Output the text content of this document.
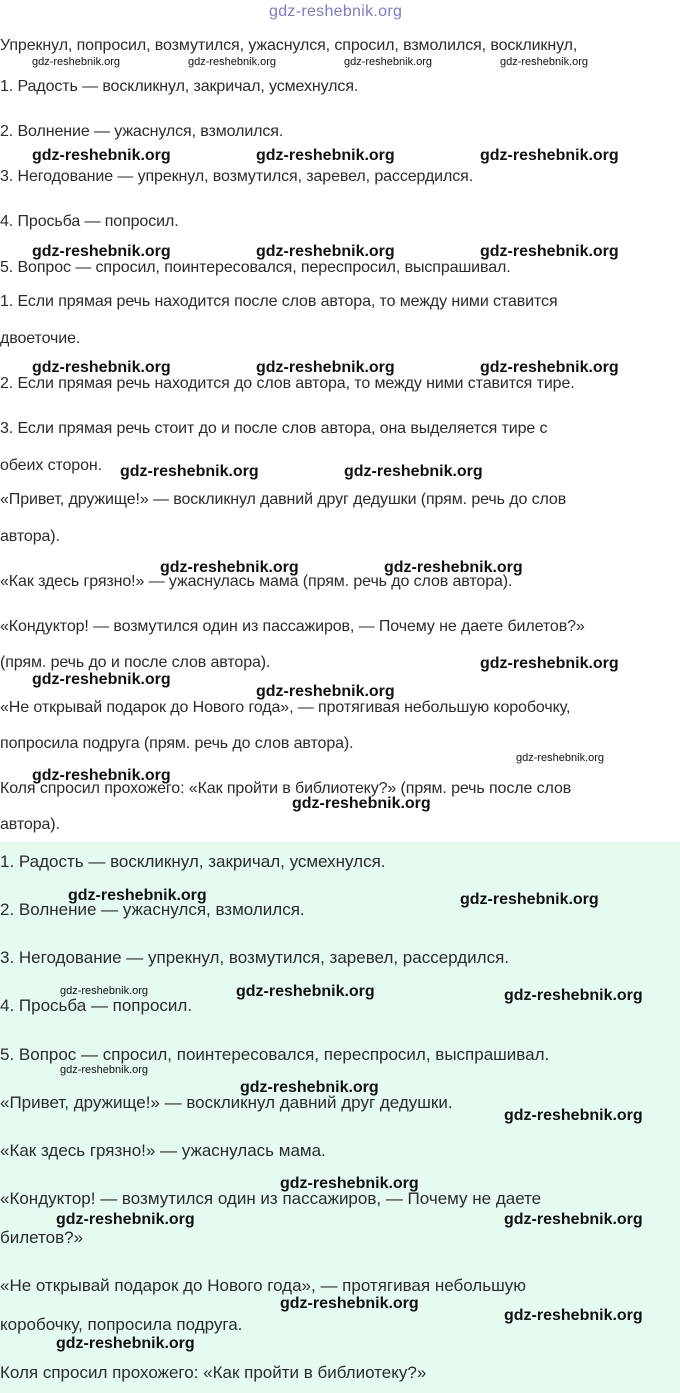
gdz-reshebnik.org
Упрекнул, попросил, возмутился, ужаснулся, спросил, взмолился, воскликнул,
1. Радость — воскликнул, закричал, усмехнулся.
2. Волнение — ужаснулся, взмолился.
3. Негодование — упрекнул, возмутился, заревел, рассердился.
4. Просьба — попросил.
5. Вопрос — спросил, поинтересовался, переспросил, выспрашивал.
1. Если прямая речь находится после слов автора, то между ними ставится
двоеточие.
2. Если прямая речь находится до слов автора, то между ними ставится тире.
3. Если прямая речь стоит до и после слов автора, она выделяется тире с
обеих сторон.
«Привет, дружище!» — воскликнул давний друг дедушки (прям. речь до слов
автора).
«Как здесь грязно!» — ужаснулась мама (прям. речь до слов автора).
«Кондуктор! — возмутился один из пассажиров, — Почему не даете билетов?»
(прям. речь до и после слов автора).
«Не открывай подарок до Нового года», — протягивая небольшую коробочку,
попросила подруга (прям. речь до слов автора).
Коля спросил прохожего: «Как пройти в библиотеку?» (прям. речь после слов
автора).
1. Радость — воскликнул, закричал, усмехнулся.
2. Волнение — ужаснулся, взмолился.
3. Негодование — упрекнул, возмутился, заревел, рассердился.
4. Просьба — попросил.
5. Вопрос — спросил, поинтересовался, переспросил, выспрашивал.
«Привет, дружище!» — воскликнул давний друг дедушки.
«Как здесь грязно!» — ужаснулась мама.
«Кондуктор! — возмутился один из пассажиров, — Почему не даете
билетов?»
«Не открывай подарок до Нового года», — протягивая небольшую
коробочку, попросила подруга.
Коля спросил прохожего: «Как пройти в библиотеку?»
gdz-reshebnik.org	gdz-reshebnik.org	gdz-reshebnik.org	gdz-reshebnik.org
gdz-reshebnik.org	gdz-reshebnik.org	gdz-reshebnik.org
gdz-reshebnik.org	gdz-reshebnik.org	gdz-reshebnik.org
gdz-reshebnik.org	gdz-reshebnik.org	gdz-reshebnik.org
gdz-reshebnik.org	gdz-reshebnik.org
gdz-reshebnik.org	gdz-reshebnik.org
gdz-reshebnik.org
gdz-reshebnik.org
gdz-reshebnik.org
gdz-reshebnik.org
gdz-reshebnik.org
gdz-reshebnik.org
gdz-reshebnik.org	gdz-reshebnik.org
gdz-reshebnik.org	gdz-reshebnik.org	gdz-reshebnik.org
gdz-reshebnik.org
gdz-reshebnik.org
gdz-reshebnik.org
gdz-reshebnik.org
gdz-reshebnik.org	gdz-reshebnik.org
gdz-reshebnik.org
gdz-reshebnik.org
gdz-reshebnik.org
